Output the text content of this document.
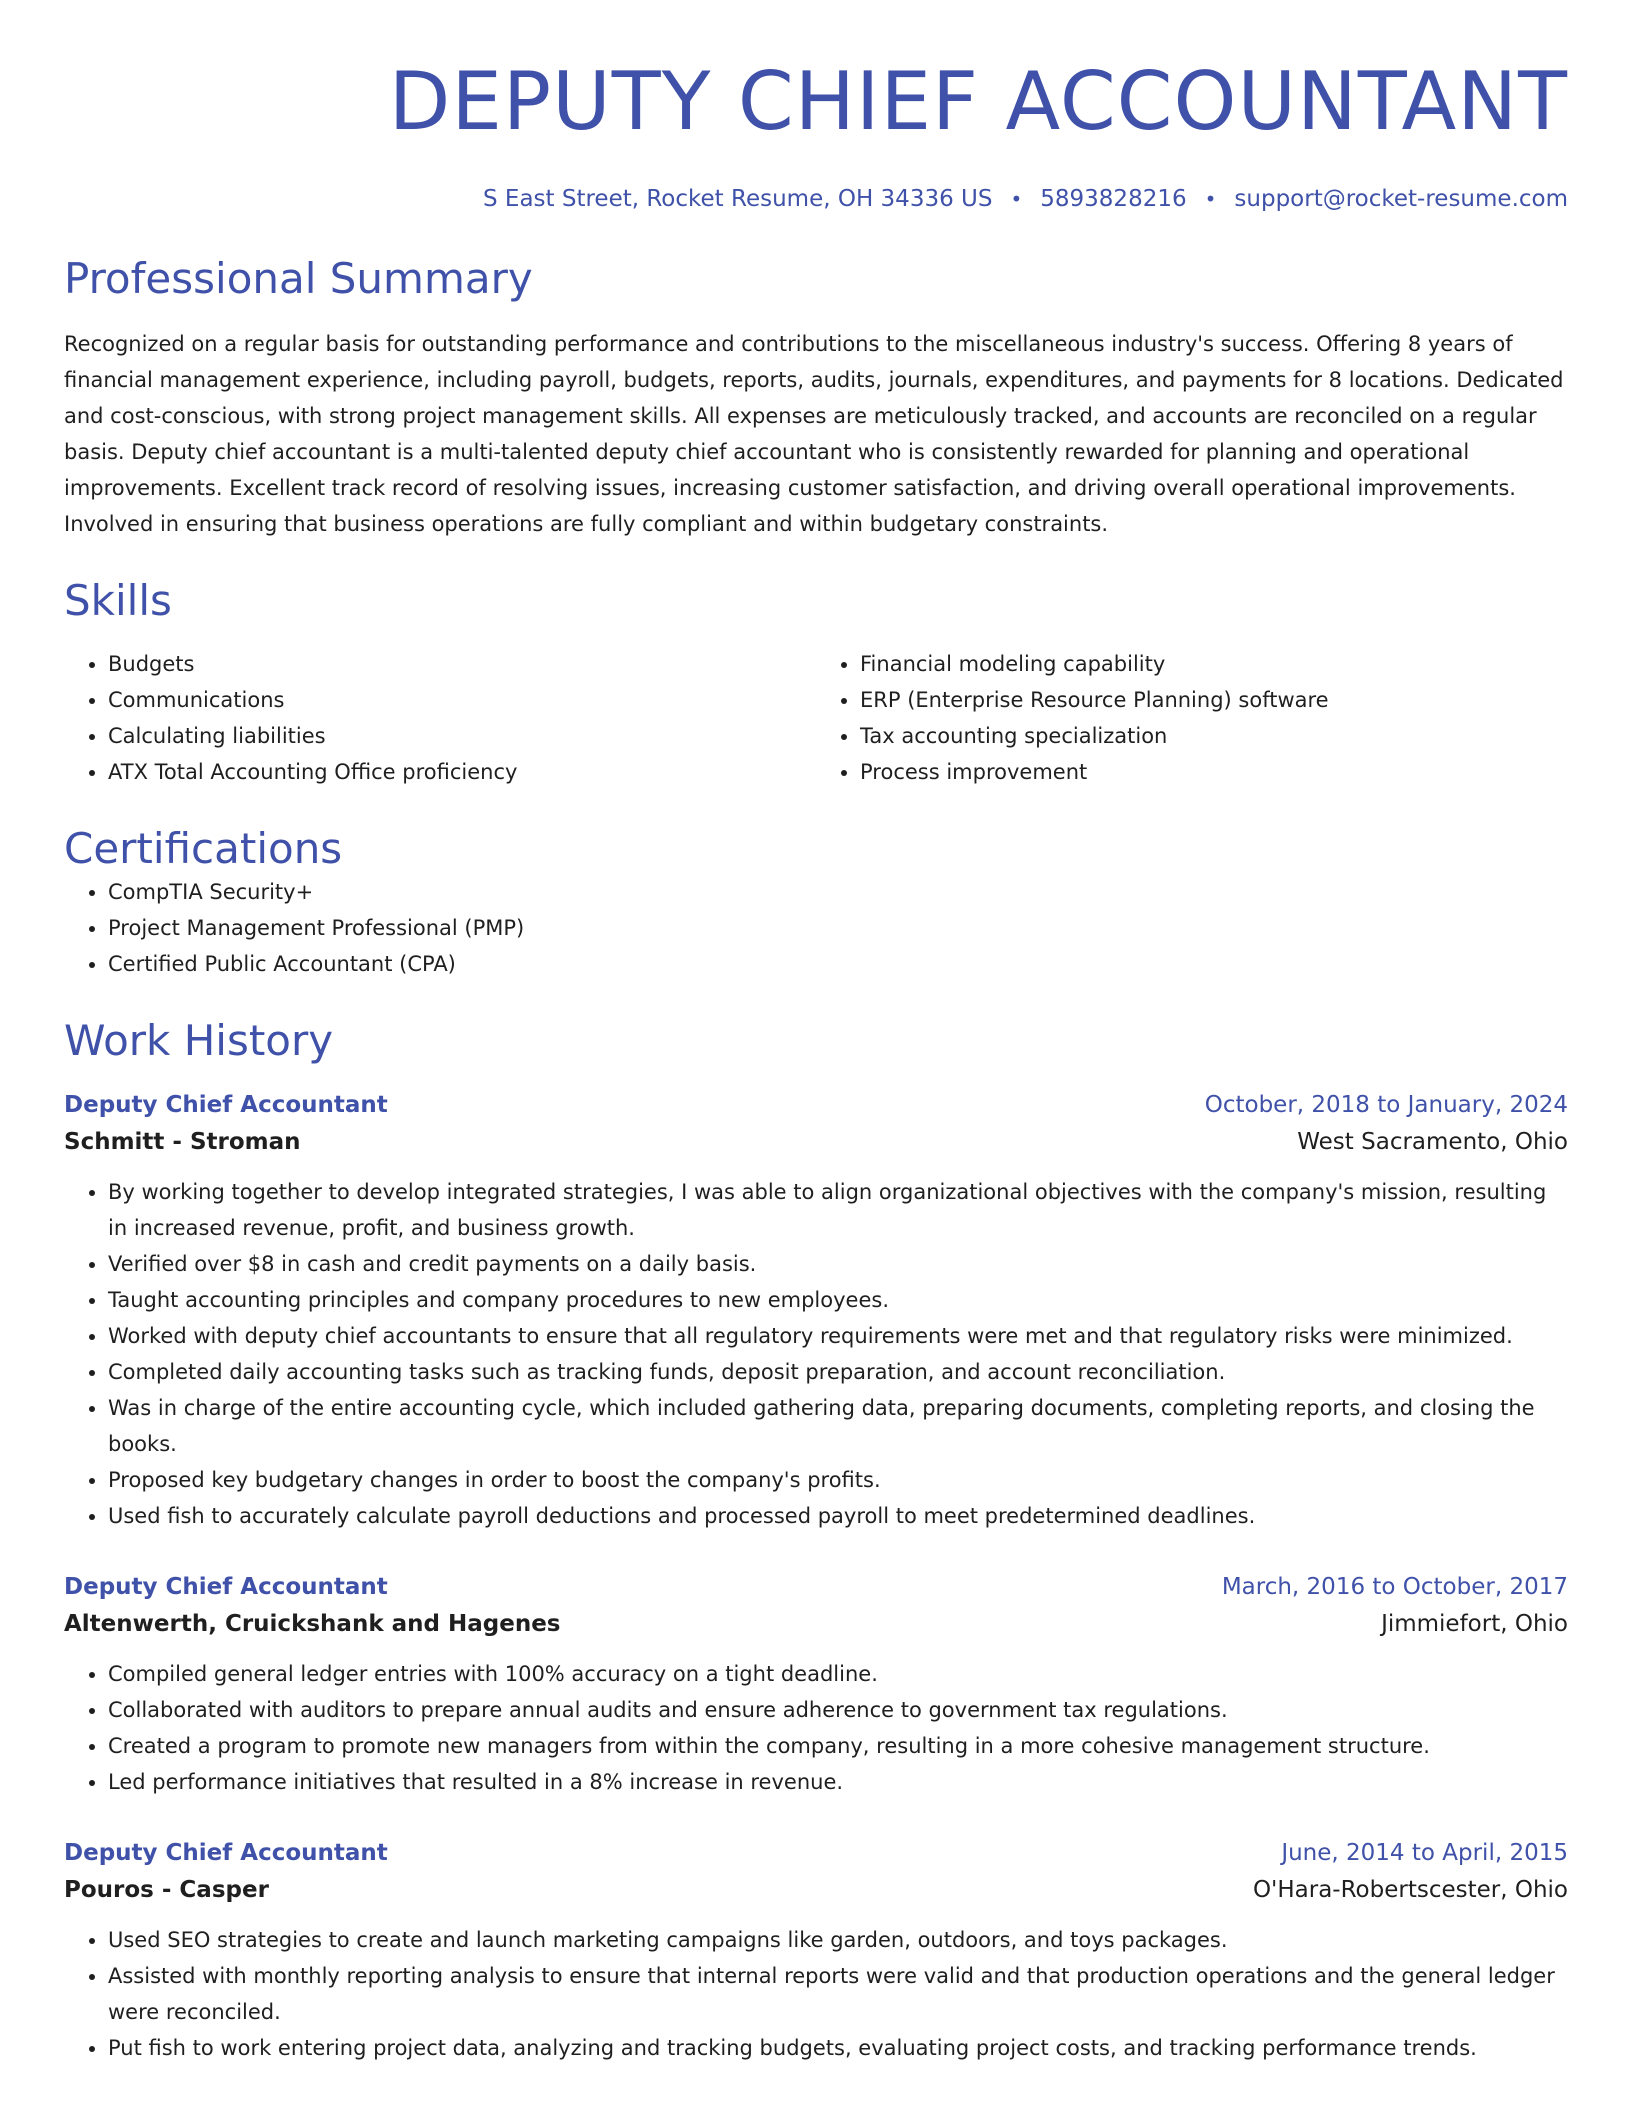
DEPUTY CHIEF ACCOUNTANT
S East Street, Rocket Resume, OH 34336 US • 5893828216 • support@rocket-resume.com
Professional Summary

Recognized on a regular basis for outstanding performance and contributions to the miscellaneous industry's success. Offering 8 years of financial management experience, including payroll, budgets, reports, audits, journals, expenditures, and payments for 8 locations. Dedicated and cost-conscious, with strong project management skills. All expenses are meticulously tracked, and accounts are reconciled on a regular basis. Deputy chief accountant is a multi-talented deputy chief accountant who is consistently rewarded for planning and operational improvements. Excellent track record of resolving issues, increasing customer satisfaction, and driving overall operational improvements. Involved in ensuring that business operations are fully compliant and within budgetary constraints.

Skills
• Budgets
• Communications
• Calculating liabilities
• ATX Total Accounting Office proficiency
• Financial modeling capability
• ERP (Enterprise Resource Planning) software
• Tax accounting specialization
• Process improvement
Certifications
• CompTIA Security+
• Project Management Professional (PMP)
• Certified Public Accountant (CPA)
Work History
Deputy Chief Accountant	October, 2018 to January, 2024
Schmitt - Stroman	West Sacramento, Ohio
• By working together to develop integrated strategies, I was able to align organizational objectives with the company's mission, resulting in increased revenue, profit, and business growth.
• Verified over $8 in cash and credit payments on a daily basis.
• Taught accounting principles and company procedures to new employees.
• Worked with deputy chief accountants to ensure that all regulatory requirements were met and that regulatory risks were minimized.
• Completed daily accounting tasks such as tracking funds, deposit preparation, and account reconciliation.
• Was in charge of the entire accounting cycle, which included gathering data, preparing documents, completing reports, and closing the books.
• Proposed key budgetary changes in order to boost the company's profits.
• Used fish to accurately calculate payroll deductions and processed payroll to meet predetermined deadlines.
Deputy Chief Accountant	March, 2016 to October, 2017
Altenwerth, Cruickshank and Hagenes	Jimmiefort, Ohio
• Compiled general ledger entries with 100% accuracy on a tight deadline.
• Collaborated with auditors to prepare annual audits and ensure adherence to government tax regulations.
• Created a program to promote new managers from within the company, resulting in a more cohesive management structure.
• Led performance initiatives that resulted in a 8% increase in revenue.
Deputy Chief Accountant	June, 2014 to April, 2015
Pouros - Casper	O'Hara-Robertscester, Ohio
• Used SEO strategies to create and launch marketing campaigns like garden, outdoors, and toys packages.
• Assisted with monthly reporting analysis to ensure that internal reports were valid and that production operations and the general ledger were reconciled.
• Put fish to work entering project data, analyzing and tracking budgets, evaluating project costs, and tracking performance trends.
